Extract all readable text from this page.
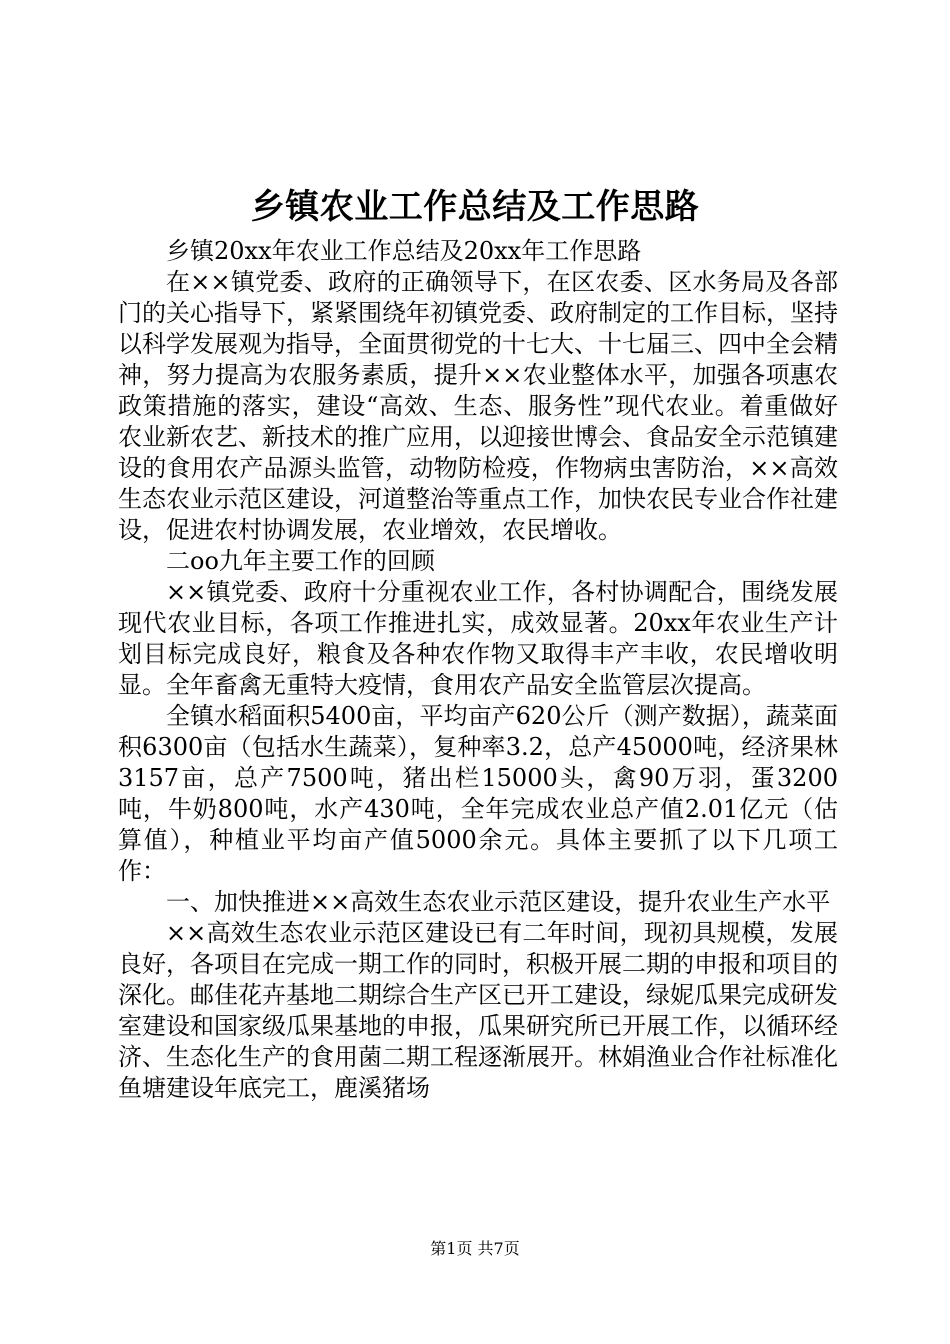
乡镇农业工作总结及工作思路

乡镇20xx年农业工作总结及20xx年工作思路

在××镇党委、政府的正确领导下，在区农委、区水务局及各部门的关心指导下，紧紧围绕年初镇党委、政府制定的工作目标，坚持以科学发展观为指导，全面贯彻党的十七大、十七届三、四中全会精神，努力提高为农服务素质，提升××农业整体水平，加强各项惠农政策措施的落实，建设“高效、生态、服务性”现代农业。着重做好农业新农艺、新技术的推广应用，以迎接世博会、食品安全示范镇建设的食用农产品源头监管，动物防检疫，作物病虫害防治，××高效生态农业示范区建设，河道整治等重点工作，加快农民专业合作社建设，促进农村协调发展，农业增效，农民增收。

二oo九年主要工作的回顾

××镇党委、政府十分重视农业工作，各村协调配合，围绕发展现代农业目标，各项工作推进扎实，成效显著。20xx年农业生产计划目标完成良好，粮食及各种农作物又取得丰产丰收，农民增收明显。全年畜禽无重特大疫情，食用农产品安全监管层次提高。

全镇水稻面积5400亩，平均亩产620公斤（测产数据），蔬菜面积6300亩（包括水生蔬菜），复种率3.2，总产45000吨，经济果林3157亩，总产7500吨，猪出栏15000头，禽90万羽，蛋3200吨，牛奶800吨，水产430吨，全年完成农业总产值2.01亿元（估算值），种植业平均亩产值5000余元。具体主要抓了以下几项工作：

一、加快推进××高效生态农业示范区建设，提升农业生产水平

××高效生态农业示范区建设已有二年时间，现初具规模，发展良好，各项目在完成一期工作的同时，积极开展二期的申报和项目的深化。邮佳花卉基地二期综合生产区已开工建设，绿妮瓜果完成研发室建设和国家级瓜果基地的申报，瓜果研究所已开展工作，以循环经济、生态化生产的食用菌二期工程逐渐展开。林娟渔业合作社标准化鱼塘建设年底完工，鹿溪猪场

第1页 共7页
